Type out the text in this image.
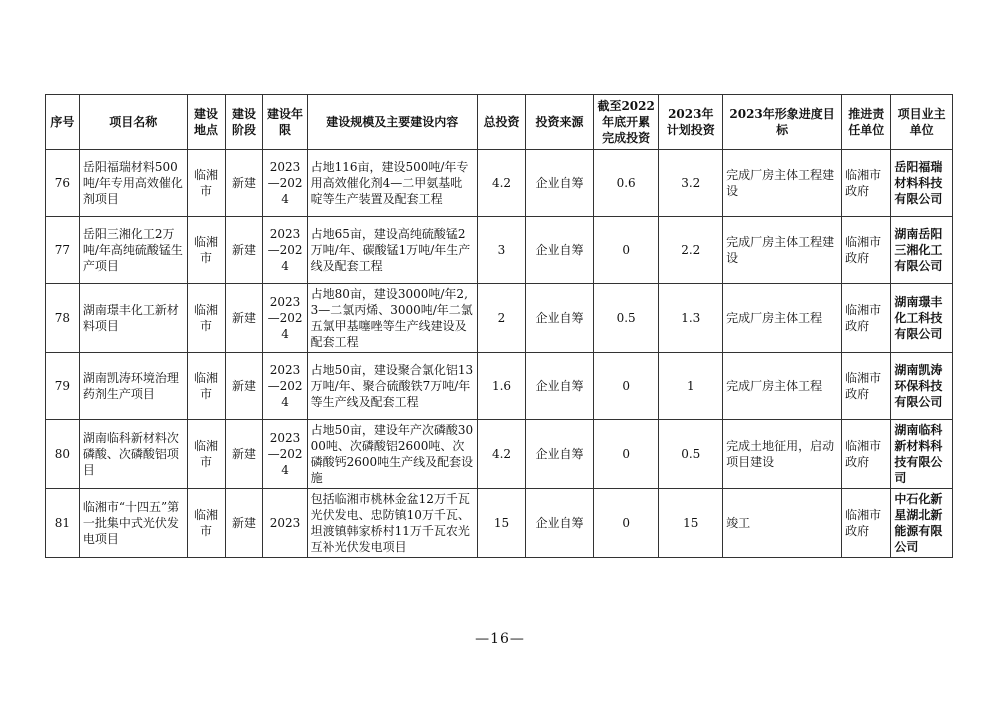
序号	项目名称	建设地点	建设阶段	建设年限	建设规模及主要建设内容	总投资	投资来源	截至2022年底开累完成投资	2023年计划投资	2023年形象进度目标	推进责任单位	项目业主单位
76	岳阳福瑞材料500吨/年专用高效催化剂项目	临湘市	新建	2023—2024	占地116亩，建设500吨/年专用高效催化剂4—二甲氨基吡啶等生产装置及配套工程	4.2	企业自筹	0.6	3.2	完成厂房主体工程建设	临湘市政府	岳阳福瑞材料科技有限公司
77	岳阳三湘化工2万吨/年高纯硫酸锰生产项目	临湘市	新建	2023—2024	占地65亩，建设高纯硫酸锰2万吨/年、碳酸锰1万吨/年生产线及配套工程	3	企业自筹	0	2.2	完成厂房主体工程建设	临湘市政府	湖南岳阳三湘化工有限公司
78	湖南璟丰化工新材料项目	临湘市	新建	2023—2024	占地80亩，建设3000吨/年2,3—二氯丙烯、3000吨/年二氯五氯甲基噻唑等生产线建设及配套工程	2	企业自筹	0.5	1.3	完成厂房主体工程	临湘市政府	湖南璟丰化工科技有限公司
79	湖南凯涛环境治理药剂生产项目	临湘市	新建	2023—2024	占地50亩，建设聚合氯化铝13万吨/年、聚合硫酸铁7万吨/年等生产线及配套工程	1.6	企业自筹	0	1	完成厂房主体工程	临湘市政府	湖南凯涛环保科技有限公司
80	湖南临科新材料次磷酸、次磷酸铝项目	临湘市	新建	2023—2024	占地50亩，建设年产次磷酸3000吨、次磷酸铝2600吨、次磷酸钙2600吨生产线及配套设施	4.2	企业自筹	0	0.5	完成土地征用，启动项目建设	临湘市政府	湖南临科新材料科技有限公司
81	临湘市“十四五”第一批集中式光伏发电项目	临湘市	新建	2023	包括临湘市桃林金盆12万千瓦光伏发电、忠防镇10万千瓦、坦渡镇韩家桥村11万千瓦农光互补光伏发电项目	15	企业自筹	0	15	竣工	临湘市政府	中石化新星湖北新能源有限公司
—16—
